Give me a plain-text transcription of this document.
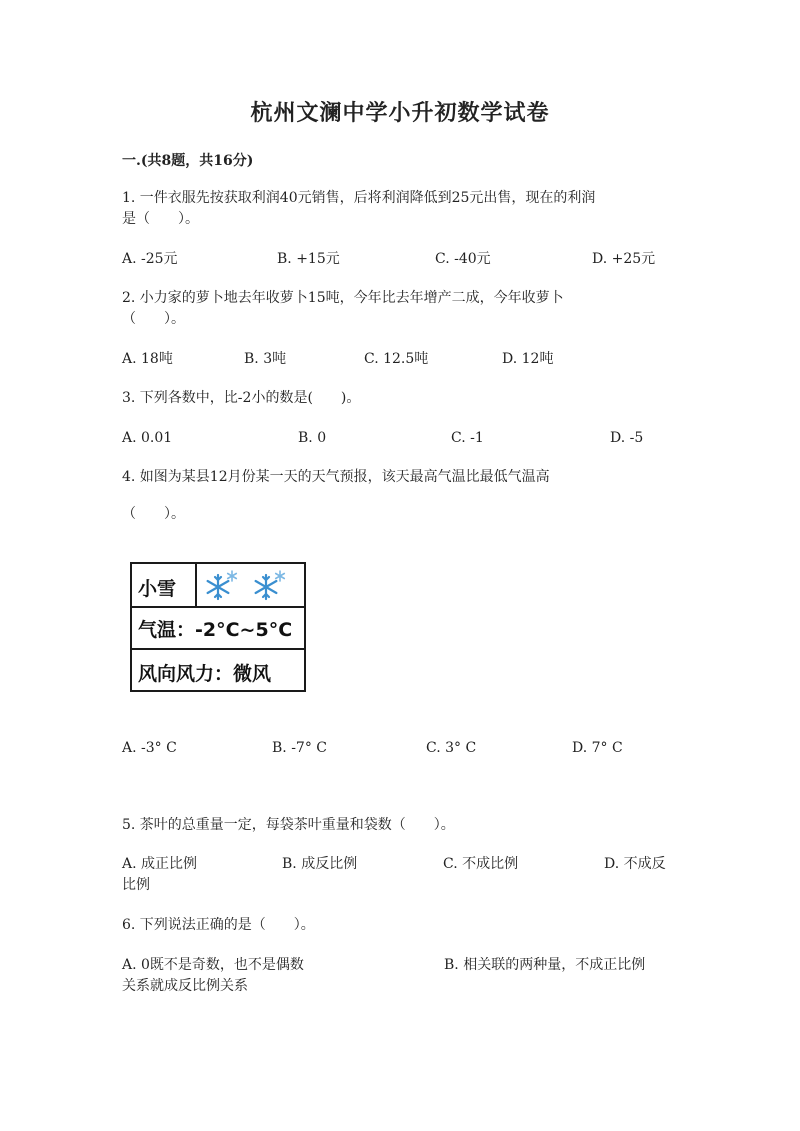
杭州文澜中学小升初数学试卷
一.(共8题，共16分)
1. 一件衣服先按获取利润40元销售，后将利润降低到25元出售，现在的利润
是（　　）。
A. -25元	B. +15元	C. -40元	D. +25元
2. 小力家的萝卜地去年收萝卜15吨，今年比去年增产二成，今年收萝卜
（　　）。
A. 18吨	B. 3吨	C. 12.5吨	D. 12吨
3. 下列各数中，比-2小的数是(　　)。
A. 0.01	B. 0	C. -1	D. -5
4. 如图为某县12月份某一天的天气预报，该天最高气温比最低气温高
（　　）。
小雪
气温：-2°C~5°C
风向风力：微风
A. -3° C	B. -7° C	C. 3° C	D. 7° C
5. 茶叶的总重量一定，每袋茶叶重量和袋数（　　）。
A. 成正比例	B. 成反比例	C. 不成比例	D. 不成反
比例
6. 下列说法正确的是（　　）。
A. 0既不是奇数，也不是偶数	B. 相关联的两种量，不成正比例
关系就成反比例关系
